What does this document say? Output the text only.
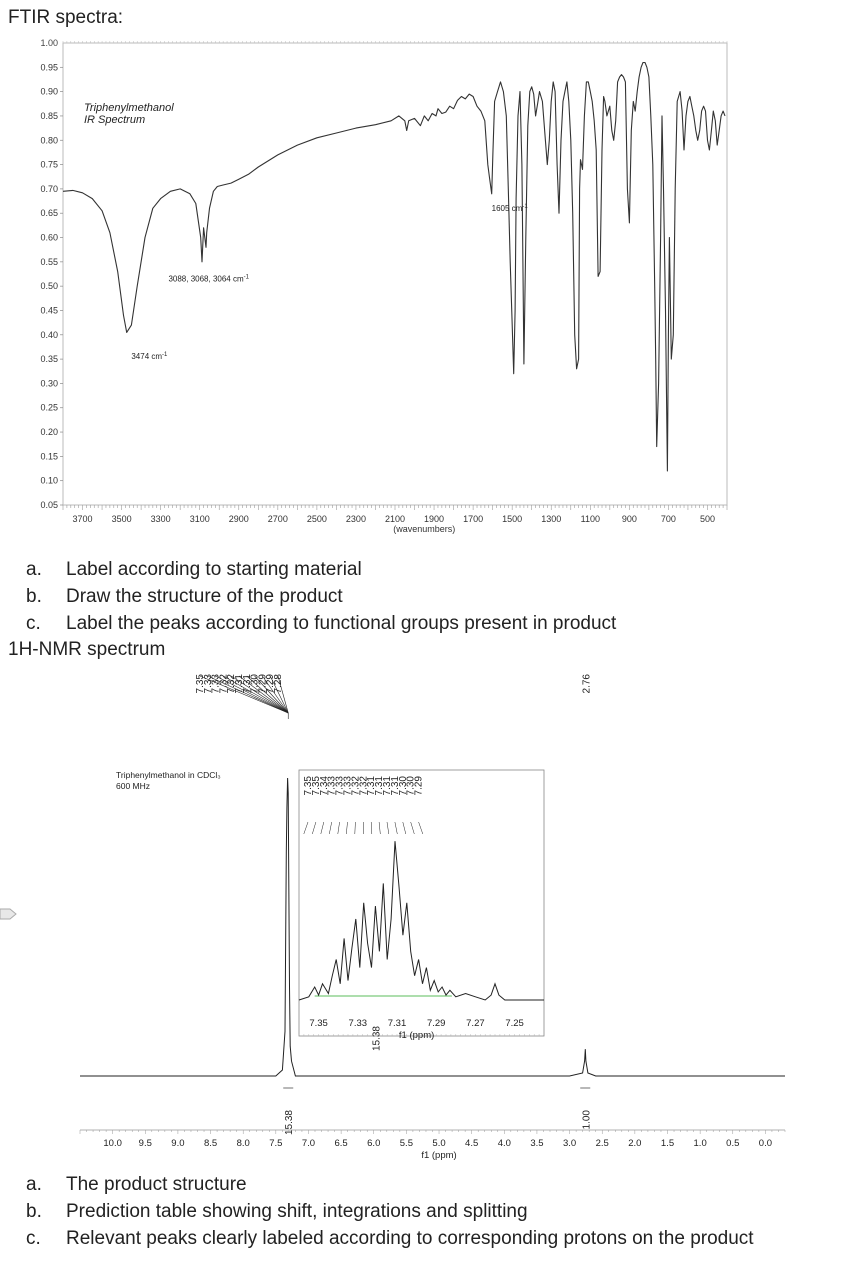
FTIR spectra:
1.00
0.95
0.90
0.85
0.80
0.75
0.70
0.65
0.60
0.55
0.50
0.45
0.40
0.35
0.30
0.25
0.20
0.15
0.10
0.05
3700 3500 3300 3100 2900 2700 2500 2300 2100 1900 1700 1500 1300 1100 900	700	500
(wavenumbers)
3474 $cm^{-1}$
3088, 3068, 3064 $cm^{-1}$
1605 $cm^{-1}$
Triphenylmethanol
IR Spectrum
a.	Label according to starting material
b.	Draw the structure of the product
c.	Label the peaks according to functional groups present in product
1H-NMR spectrum
7.35
7.33
7.33
7.32
7.32
7.31
7.31
7.30
7.29
7.29
7.28	2.76
15.38	1.00
7.35 7.33 7.31 7.29 7.27 7.25
f1 (ppm)
15.38
7.35
7.35
7.34
7.33
7.33
7.33
7.32
7.32
7.31
7.31
7.31
7.31
7.30
7.30
7.29
10.0 9.5 9.0 8.5 8.0 7.5 7.0 6.5 6.0 5.5 5.0 4.5 4.0 3.5 3.0 2.5 2.0 1.5 1.0 0.5 0.0
f1 (ppm)
Triphenylmethanol in CDCl₃
600 MHz
a.	The product structure
b.	Prediction table showing shift, integrations and splitting
c.	Relevant peaks clearly labeled according to corresponding protons on the product
